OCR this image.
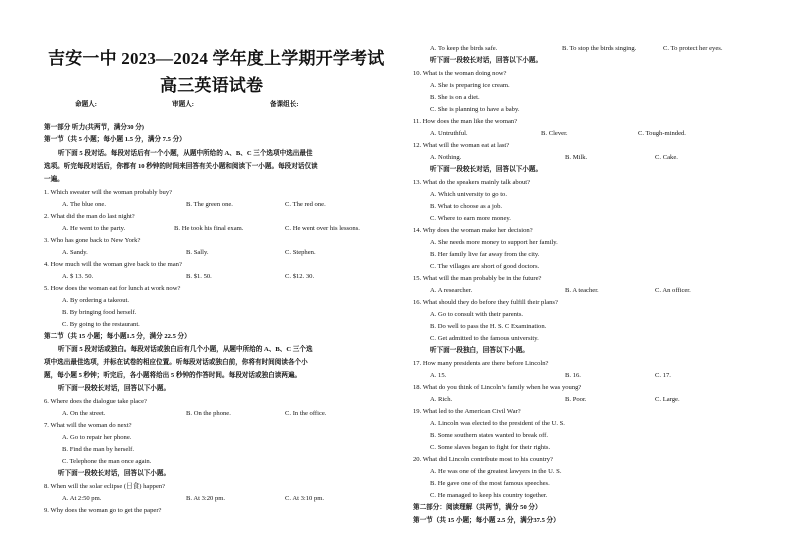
吉安一中 2023—2024 学年度上学期开学考试
高三英语试卷
命题人:	审题人:	备课组长:
第一部分 听力(共两节，满分30 分)
第一节（共 5 小题；每小题 1.5 分，满分 7.5 分）
听下面 5 段对话。每段对话后有一个小题，从题中所给的 A、B、C 三个选项中选出最佳
选项。听完每段对话后，你都有 10 秒钟的时间来回答有关小题和阅读下一小题。每段对话仅读
一遍。
1. Which sweater will the woman probably buy?
A. The blue one.	B. The green one.	C. The red one.
2. What did the man do last night?
A. He went to the party.	B. He took his final exam.	C. He went over his lessons.
3. Who has gone back to New York?
A. Sandy.	B. Sally.	C. Stephen.
4. How much will the woman give back to the man?
A. $ 13. 50.	B. $1. 50.	C. $12. 30.
5. How does the woman eat for lunch at work now?
A. By ordering a takeout.
B. By bringing food herself.
C. By going to the restaurant.
第二节（共 15 小题；每小题1.5 分，满分 22.5 分）
听下面 5 段对话或独白。每段对话或独白后有几个小题，从题中所给的 A、B、C 三个选
项中选出最佳选项，并标在试卷的相应位置。听每段对话或独白前，你将有时间阅读各个小
题，每小题 5 秒钟；听完后，各小题将给出 5 秒钟的作答时间。每段对话或独白读两遍。
听下面一段较长对话，回答以下小题。
6. Where does the dialogue take place?
A. On the street.	B. On the phone.	C. In the office.
7. What will the woman do next?
A. Go to repair her phone.
B. Find the man by herself.
C. Telephone the man once again.
听下面一段较长对话，回答以下小题。
8. When will the solar eclipse (日食) happen?
A. At 2:50 pm.	B. At 3:20 pm.	C. At 3:10 pm.
9. Why does the woman go to get the paper?
A. To keep the birds safe.	B. To stop the birds singing.	C. To protect her eyes.
听下面一段较长对话，回答以下小题。
10. What is the woman doing now?
A. She is preparing ice cream.
B. She is on a diet.
C. She is planning to have a baby.
11. How does the man like the woman?
A. Untruthful.	B. Clever.	C. Tough-minded.
12. What will the woman eat at last?
A. Nothing.	B. Milk.	C. Cake.
听下面一段较长对话，回答以下小题。
13. What do the speakers mainly talk about?
A. Which university to go to.
B. What to choose as a job.
C. Where to earn more money.
14. Why does the woman make her decision?
A. She needs more money to support her family.
B. Her family live far away from the city.
C. The villages are short of good doctors.
15. What will the man probably be in the future?
A. A researcher.	B. A teacher.	C. An officer.
16. What should they do before they fulfill their plans?
A. Go to consult with their parents.
B. Do well to pass the H. S. C Examination.
C. Get admitted to the famous university.
听下面一段独白，回答以下小题。
17. How many presidents are there before Lincoln?
A. 15.	B. 16.	C. 17.
18. What do you think of Lincoln’s family when he was young?
A. Rich.	B. Poor.	C. Large.
19. What led to the American Civil War?
A. Lincoln was elected to the president of the U. S.
B. Some southern states wanted to break off.
C. Some slaves began to fight for their rights.
20. What did Lincoln contribute most to his country?
A. He was one of the greatest lawyers in the U. S.
B. He gave one of the most famous speeches.
C. He managed to keep his country together.
第二部分：阅读理解（共两节，满分 50 分）
第一节（共 15 小题；每小题 2.5 分，满分37.5 分）
